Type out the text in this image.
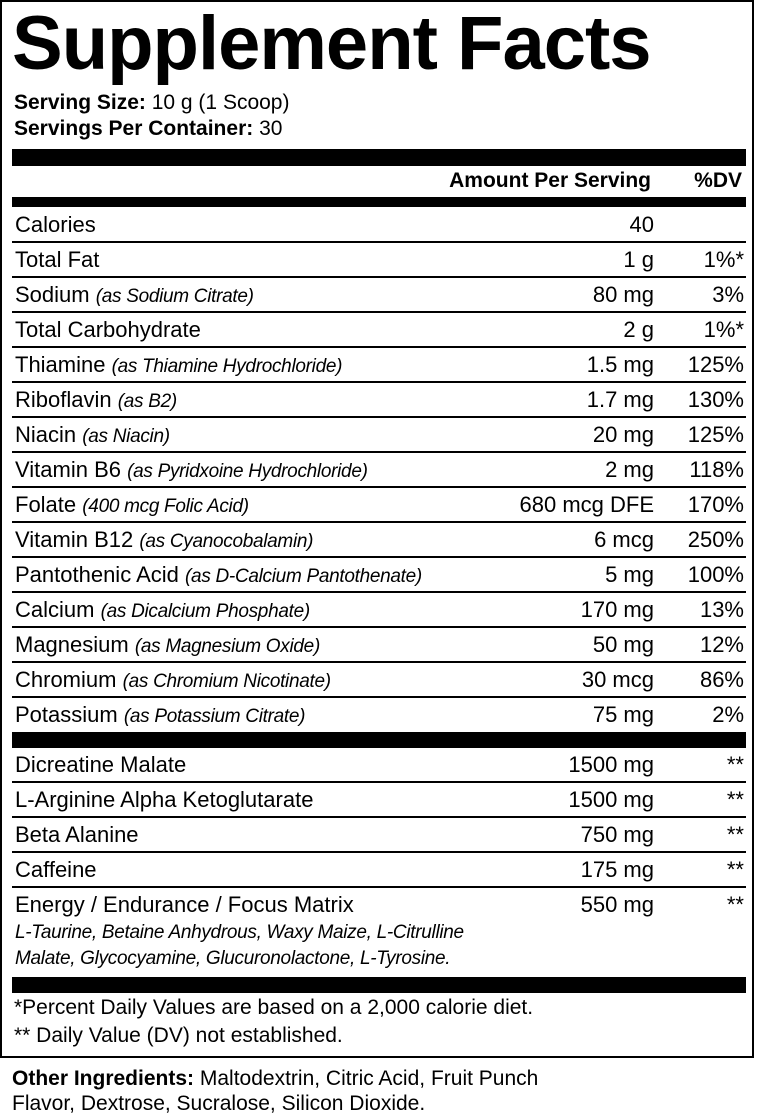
Supplement Facts
Serving Size: 10 g (1 Scoop)
Servings Per Container: 30
Amount Per Serving %DV
Calories	40
Total Fat	1 g 1%*
Sodium (as Sodium Citrate)	80 mg	3%
Total Carbohydrate	2 g 1%*
Thiamine (as Thiamine Hydrochloride)	1.5 mg 125%
Riboflavin (as B2)	1.7 mg 130%
Niacin (as Niacin)	20 mg 125%
Vitamin B6 (as Pyridxoine Hydrochloride)	2 mg 118%
Folate (400 mcg Folic Acid)	680 mcg DFE 170%
Vitamin B12 (as Cyanocobalamin)	6 mcg 250%
Pantothenic Acid (as D-Calcium Pantothenate)	5 mg 100%
Calcium (as Dicalcium Phosphate)	170 mg 13%
Magnesium (as Magnesium Oxide)	50 mg 12%
Chromium (as Chromium Nicotinate)	30 mcg 86%
Potassium (as Potassium Citrate)	75 mg	2%
Dicreatine Malate	1500 mg	**
L-Arginine Alpha Ketoglutarate	1500 mg	**
Beta Alanine	750 mg	**
Caffeine	175 mg	**
Energy / Endurance / Focus Matrix	550 mg	**
L-Taurine, Betaine Anhydrous, Waxy Maize, L-Citrulline
Malate, Glycocyamine, Glucuronolactone, L-Tyrosine.
*Percent Daily Values are based on a 2,000 calorie diet.
** Daily Value (DV) not established.
Other Ingredients: Maltodextrin, Citric Acid, Fruit Punch
Flavor, Dextrose, Sucralose, Silicon Dioxide.
